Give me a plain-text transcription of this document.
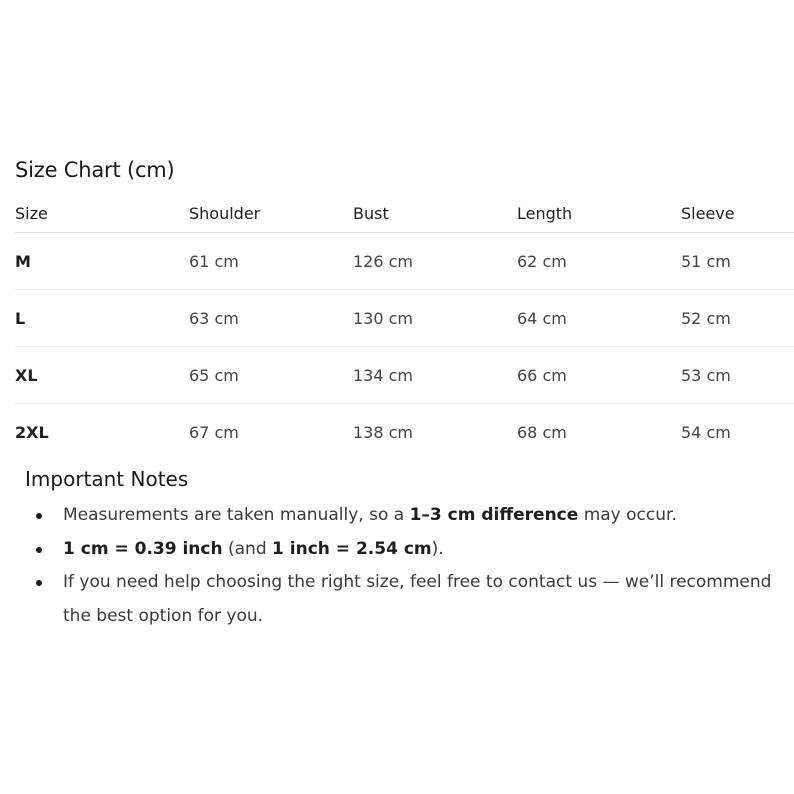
Size Chart (cm)
Size	Shoulder	Bust	Length	Sleeve
M	61 cm	126 cm	62 cm	51 cm
L	63 cm	130 cm	64 cm	52 cm
XL	65 cm	134 cm	66 cm	53 cm
2XL	67 cm	138 cm	68 cm	54 cm
Important Notes
Measurements are taken manually, so a 1–3 cm difference may occur.
1 cm = 0.39 inch (and 1 inch = 2.54 cm).
If you need help choosing the right size, feel free to contact us — we’ll recommend the best option for you.
